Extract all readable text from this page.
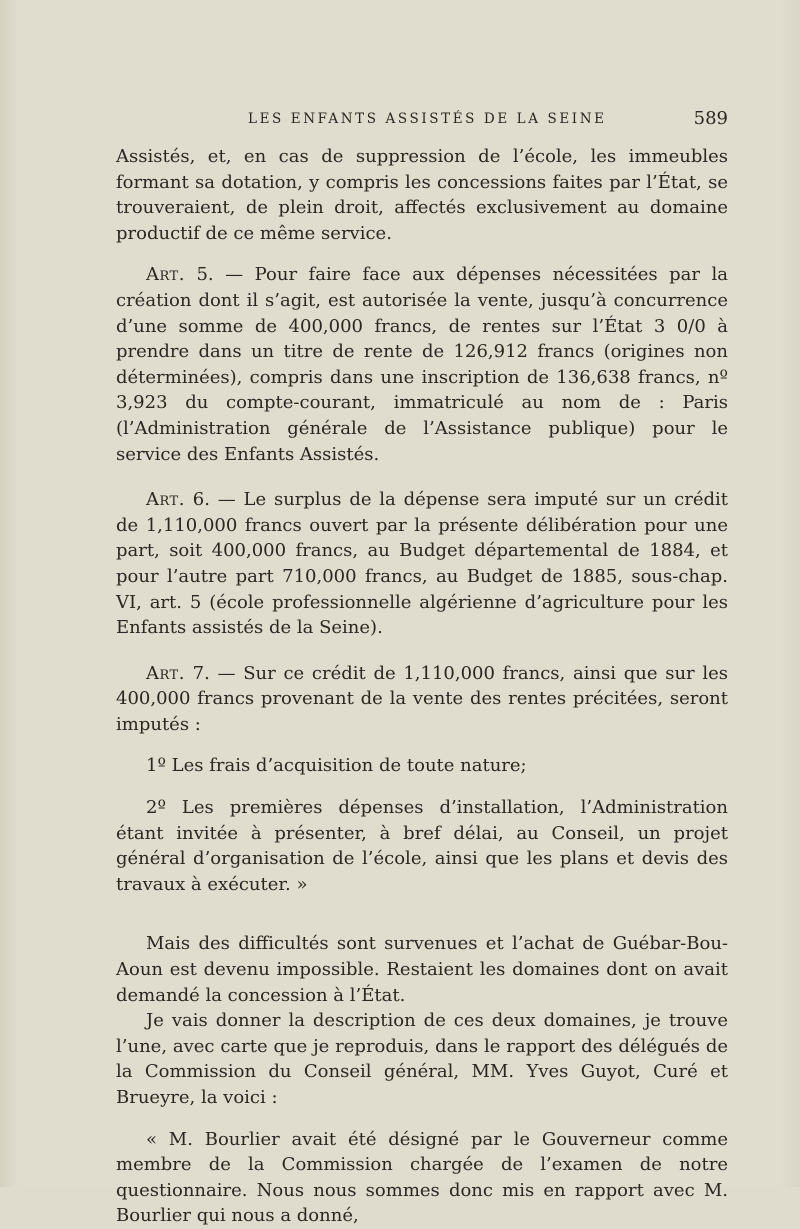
LES ENFANTS ASSISTÉS DE LA SEINE	589

Assistés, et, en cas de suppression de l’école, les immeubles formant sa dotation, y compris les concessions faites par l’État, se trouveraient, de plein droit, affectés exclusivement au domaine productif de ce même service.

Art. 5. — Pour faire face aux dépenses nécessitées par la création dont il s’agit, est autorisée la vente, jusqu’à concurrence d’une somme de 400,000 francs, de rentes sur l’État 3 0/0 à prendre dans un titre de rente de 126,912 francs (origines non déterminées), compris dans une inscription de 136,638 francs, nº 3,923 du compte-courant, immatriculé au nom de : Paris (l’Administration générale de l’Assistance publique) pour le service des Enfants Assistés.

Art. 6. — Le surplus de la dépense sera imputé sur un crédit de 1,110,000 francs ouvert par la présente délibération pour une part, soit 400,000 francs, au Budget départemental de 1884, et pour l’autre part 710,000 francs, au Budget de 1885, sous-chap. VI, art. 5 (école professionnelle algérienne d’agriculture pour les Enfants assistés de la Seine).

Art. 7. — Sur ce crédit de 1,110,000 francs, ainsi que sur les 400,000 francs provenant de la vente des rentes précitées, seront imputés :

1º Les frais d’acquisition de toute nature;

2º Les premières dépenses d’installation, l’Administration étant invitée à présenter, à bref délai, au Conseil, un projet général d’organisation de l’école, ainsi que les plans et devis des travaux à exécuter. »

Mais des difficultés sont survenues et l’achat de Guébar-Bou-Aoun est devenu impossible. Restaient les domaines dont on avait demandé la concession à l’État.

Je vais donner la description de ces deux domaines, je trouve l’une, avec carte que je reproduis, dans le rapport des délégués de la Commission du Conseil général, MM. Yves Guyot, Curé et Brueyre, la voici :

« M. Bourlier avait été désigné par le Gouverneur comme membre de la Commission chargée de l’examen de notre questionnaire. Nous nous sommes donc mis en rapport avec M. Bourlier qui nous a donné,
